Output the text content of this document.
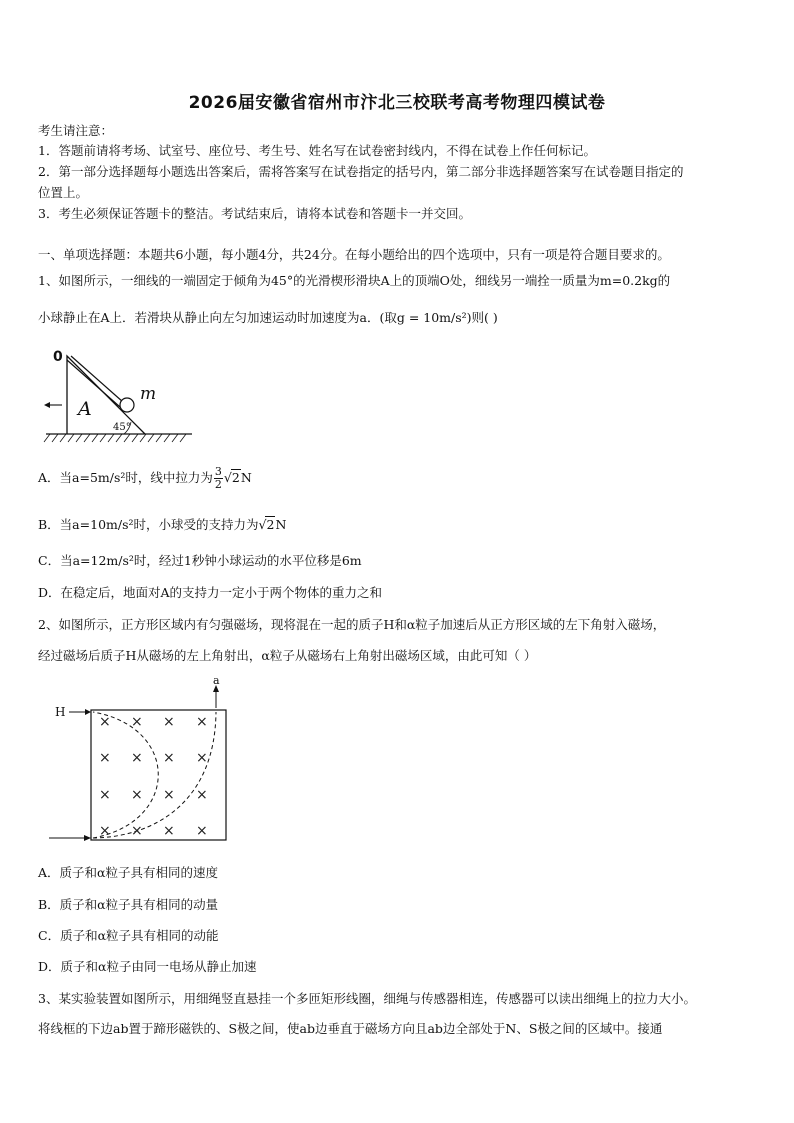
2026届安徽省宿州市汴北三校联考高考物理四模试卷
考生请注意：
1．答题前请将考场、试室号、座位号、考生号、姓名写在试卷密封线内，不得在试卷上作任何标记。
2．第一部分选择题每小题选出答案后，需将答案写在试卷指定的括号内，第二部分非选择题答案写在试卷题目指定的
位置上。
3．考生必须保证答题卡的整洁。考试结束后，请将本试卷和答题卡一并交回。
一、单项选择题：本题共6小题，每小题4分，共24分。在每小题给出的四个选项中，只有一项是符合题目要求的。
1、如图所示，一细线的一端固定于倾角为45°的光滑楔形滑块A上的顶端O处，细线另一端拴一质量为m=0.2kg的
小球静止在A上．若滑块从静止向左匀加速运动时加速度为a．(取g = 10m/s²)则( )
0
A
m
45°
A．当a=5m/s²时，线中拉力为 $\frac{3}{2} √2N$
B．当a=10m/s²时，小球受的支持力为√2N
C．当a=12m/s²时，经过1秒钟小球运动的水平位移是6m
D．在稳定后，地面对A的支持力一定小于两个物体的重力之和
2、如图所示，正方形区域内有匀强磁场，现将混在一起的质子H和α粒子加速后从正方形区域的左下角射入磁场，
经过磁场后质子H从磁场的左上角射出，α粒子从磁场右上角射出磁场区域，由此可知（ ）
× × × ×
× × × ×
× × × ×
× × × ×
H
a
A．质子和α粒子具有相同的速度
B．质子和α粒子具有相同的动量
C．质子和α粒子具有相同的动能
D．质子和α粒子由同一电场从静止加速
3、某实验装置如图所示，用细绳竖直悬挂一个多匝矩形线圈，细绳与传感器相连，传感器可以读出细绳上的拉力大小。
将线框的下边ab置于蹄形磁铁的、S极之间，使ab边垂直于磁场方向且ab边全部处于N、S极之间的区域中。接通
